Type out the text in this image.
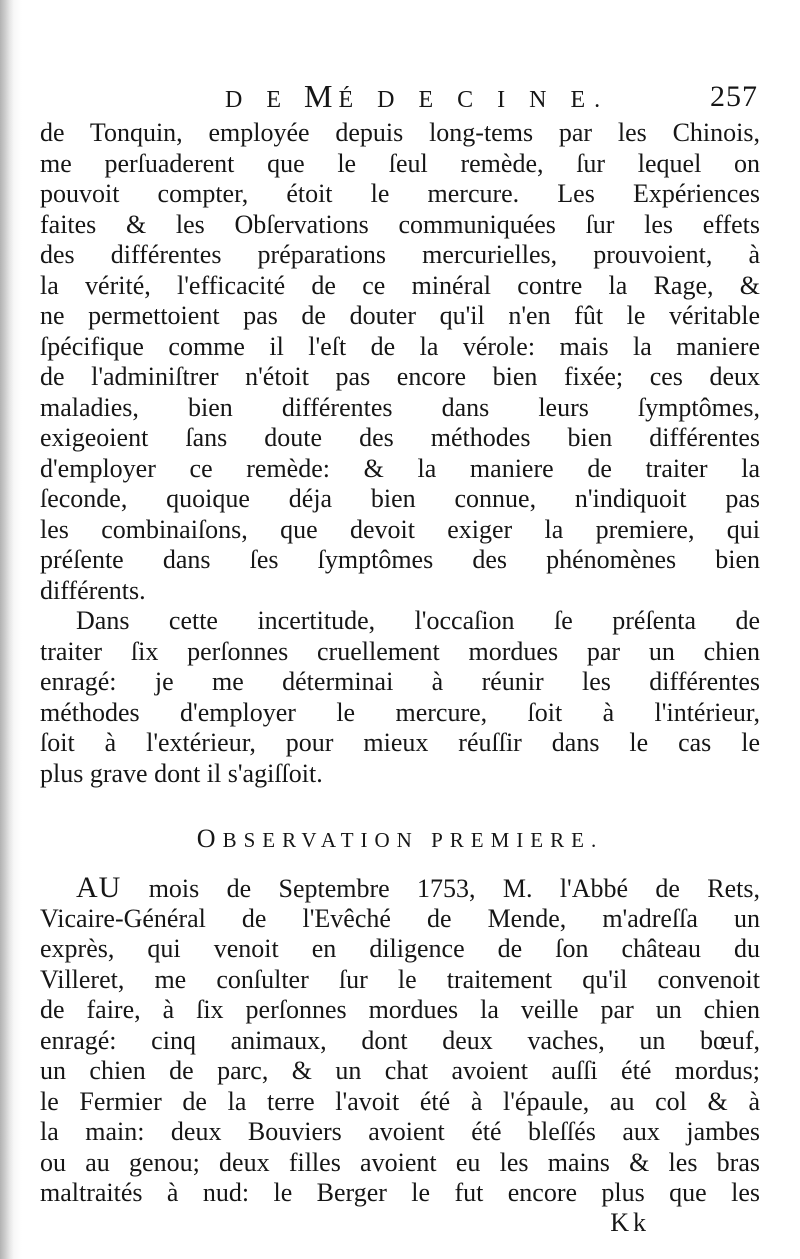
D E MÉ D E C I N E.	257
de Tonquin, employée depuis long-tems par les Chinois,
me perſuaderent que le ſeul remède, ſur lequel on
pouvoit compter, étoit le mercure. Les Expériences
faites & les Obſervations communiquées ſur les effets
des différentes préparations mercurielles, prouvoient, à
la vérité, l'efficacité de ce minéral contre la Rage, &
ne permettoient pas de douter qu'il n'en fût le véritable
ſpécifique comme il l'eſt de la vérole: mais la maniere
de l'adminiſtrer n'étoit pas encore bien fixée; ces deux
maladies, bien différentes dans leurs ſymptômes,
exigeoient ſans doute des méthodes bien différentes
d'employer ce remède: & la maniere de traiter la
ſeconde, quoique déja bien connue, n'indiquoit pas
les combinaiſons, que devoit exiger la premiere, qui
préſente dans ſes ſymptômes des phénomènes bien
différents.
Dans cette incertitude, l'occaſion ſe préſenta de
traiter ſix perſonnes cruellement mordues par un chien
enragé: je me déterminai à réunir les différentes
méthodes d'employer le mercure, ſoit à l'intérieur,
ſoit à l'extérieur, pour mieux réuſſir dans le cas le
plus grave dont il s'agiſſoit.
OBSERVATION PREMIERE.
AU mois de Septembre 1753, M. l'Abbé de Rets,
Vicaire-Général de l'Evêché de Mende, m'adreſſa un
exprès, qui venoit en diligence de ſon château du
Villeret, me conſulter ſur le traitement qu'il convenoit
de faire, à ſix perſonnes mordues la veille par un chien
enragé: cinq animaux, dont deux vaches, un bœuf,
un chien de parc, & un chat avoient auſſi été mordus;
le Fermier de la terre l'avoit été à l'épaule, au col & à
la main: deux Bouviers avoient été bleſſés aux jambes
ou au genou; deux filles avoient eu les mains & les bras
maltraités à nud: le Berger le fut encore plus que les
Kk
